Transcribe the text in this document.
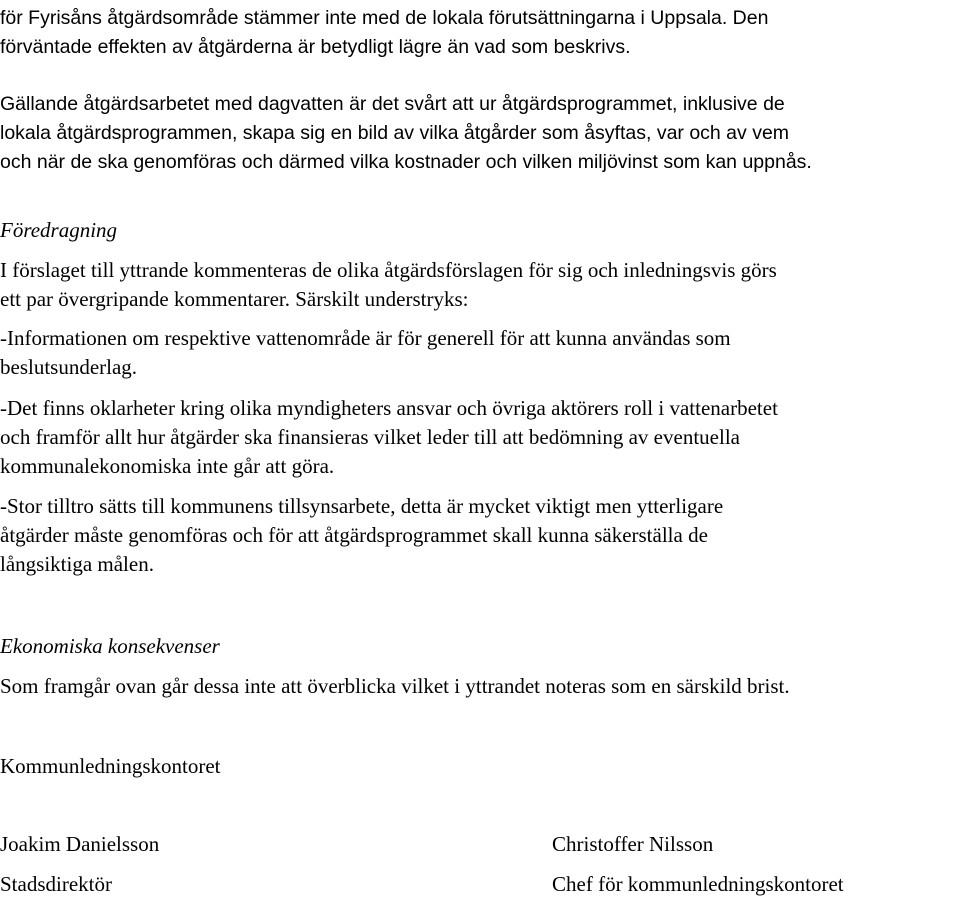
för Fyrisåns åtgärdsområde stämmer inte med de lokala förutsättningarna i Uppsala. Den

förväntade effekten av åtgärderna är betydligt lägre än vad som beskrivs.

Gällande åtgärdsarbetet med dagvatten är det svårt att ur åtgärdsprogrammet, inklusive de

lokala åtgärdsprogrammen, skapa sig en bild av vilka åtgårder som åsyftas, var och av vem

och när de ska genomföras och därmed vilka kostnader och vilken miljövinst som kan uppnås.

Föredragning

I förslaget till yttrande kommenteras de olika åtgärdsförslagen för sig och inledningsvis görs

ett par övergripande kommentarer. Särskilt understryks:

-Informationen om respektive vattenområde är för generell för att kunna användas som

beslutsunderlag.

-Det finns oklarheter kring olika myndigheters ansvar och övriga aktörers roll i vattenarbetet

och framför allt hur åtgärder ska finansieras vilket leder till att bedömning av eventuella

kommunalekonomiska inte går att göra.

-Stor tilltro sätts till kommunens tillsynsarbete, detta är mycket viktigt men ytterligare

åtgärder måste genomföras och för att åtgärdsprogrammet skall kunna säkerställa de

långsiktiga målen.

Ekonomiska konsekvenser

Som framgår ovan går dessa inte att överblicka vilket i yttrandet noteras som en särskild brist.

Kommunledningskontoret

Joakim Danielsson

Stadsdirektör

Christoffer Nilsson

Chef för kommunledningskontoret
